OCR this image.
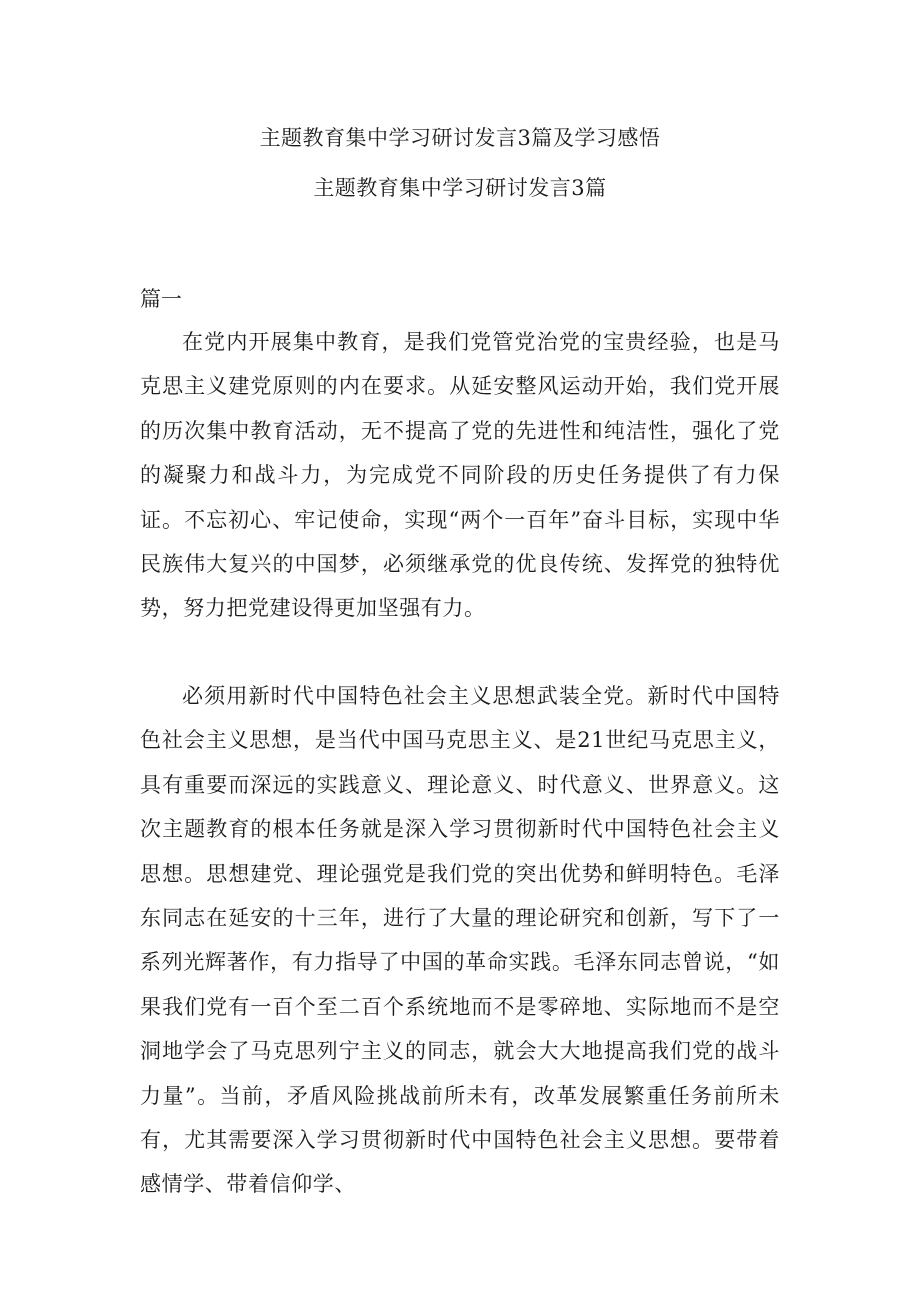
主题教育集中学习研讨发言3篇及学习感悟
主题教育集中学习研讨发言3篇
篇一

在党内开展集中教育，是我们党管党治党的宝贵经验，也是马克思主义建党原则的内在要求。从延安整风运动开始，我们党开展的历次集中教育活动，无不提高了党的先进性和纯洁性，强化了党的凝聚力和战斗力，为完成党不同阶段的历史任务提供了有力保证。不忘初心、牢记使命，实现“两个一百年”奋斗目标，实现中华民族伟大复兴的中国梦，必须继承党的优良传统、发挥党的独特优势，努力把党建设得更加坚强有力。

必须用新时代中国特色社会主义思想武装全党。新时代中国特色社会主义思想，是当代中国马克思主义、是21世纪马克思主义，具有重要而深远的实践意义、理论意义、时代意义、世界意义。这次主题教育的根本任务就是深入学习贯彻新时代中国特色社会主义思想。思想建党、理论强党是我们党的突出优势和鲜明特色。毛泽东同志在延安的十三年，进行了大量的理论研究和创新，写下了一系列光辉著作，有力指导了中国的革命实践。毛泽东同志曾说，“如果我们党有一百个至二百个系统地而不是零碎地、实际地而不是空洞地学会了马克思列宁主义的同志，就会大大地提高我们党的战斗力量”。当前，矛盾风险挑战前所未有，改革发展繁重任务前所未有，尤其需要深入学习贯彻新时代中国特色社会主义思想。要带着感情学、带着信仰学、
